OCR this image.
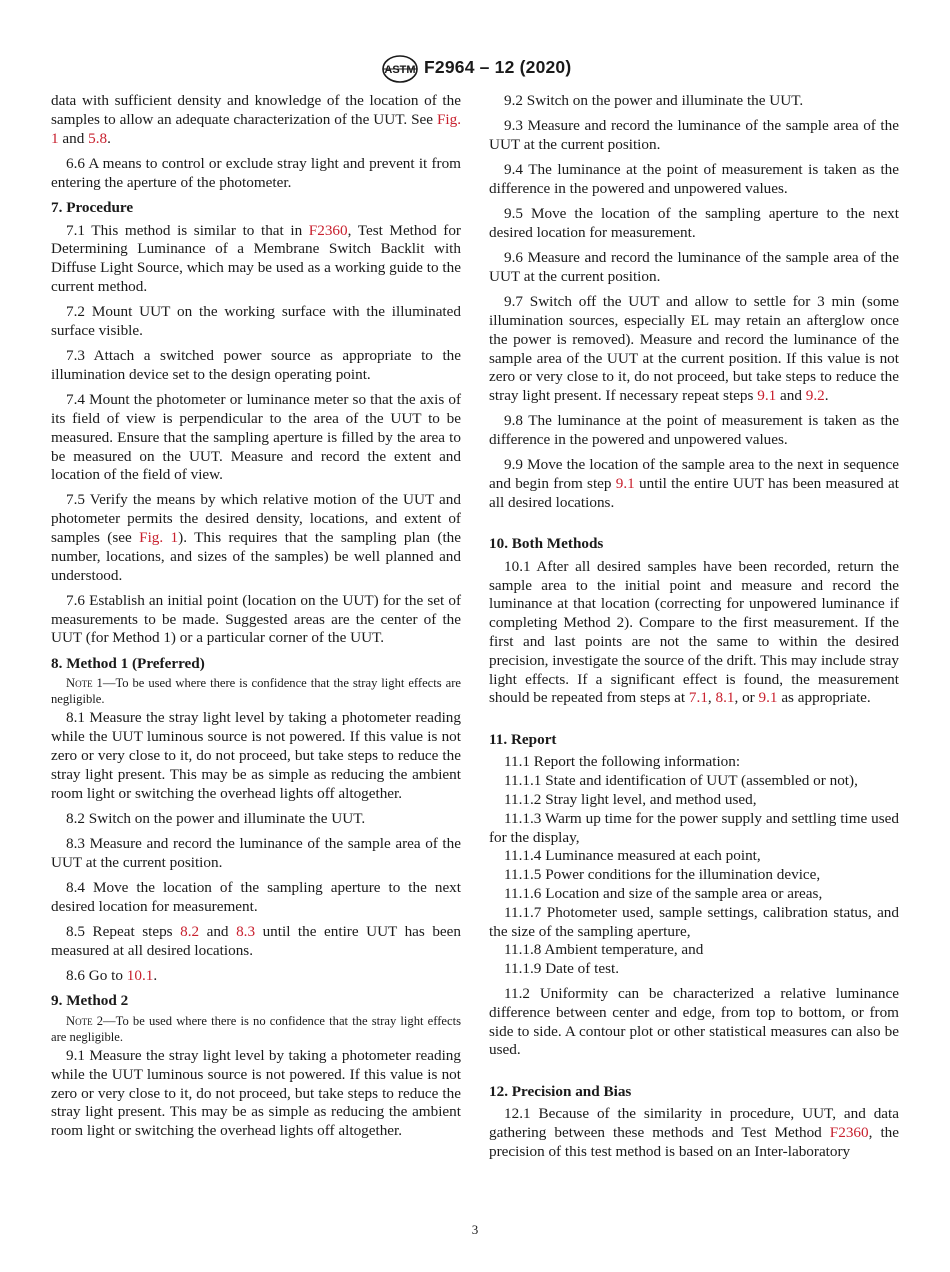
ASTM F2964 – 12 (2020)

data with sufficient density and knowledge of the location of the samples to allow an adequate characterization of the UUT. See Fig. 1 and 5.8.

6.6 A means to control or exclude stray light and prevent it from entering the aperture of the photometer.

7. Procedure

7.1 This method is similar to that in F2360, Test Method for Determining Luminance of a Membrane Switch Backlit with Diffuse Light Source, which may be used as a working guide to the current method.

7.2 Mount UUT on the working surface with the illuminated surface visible.

7.3 Attach a switched power source as appropriate to the illumination device set to the design operating point.

7.4 Mount the photometer or luminance meter so that the axis of its field of view is perpendicular to the area of the UUT to be measured. Ensure that the sampling aperture is filled by the area to be measured on the UUT. Measure and record the extent and location of the field of view.

7.5 Verify the means by which relative motion of the UUT and photometer permits the desired density, locations, and extent of samples (see Fig. 1). This requires that the sampling plan (the number, locations, and sizes of the samples) be well planned and understood.

7.6 Establish an initial point (location on the UUT) for the set of measurements to be made. Suggested areas are the center of the UUT (for Method 1) or a particular corner of the UUT.

8. Method 1 (Preferred)

Note 1—To be used where there is confidence that the stray light effects are negligible.

8.1 Measure the stray light level by taking a photometer reading while the UUT luminous source is not powered. If this value is not zero or very close to it, do not proceed, but take steps to reduce the stray light present. This may be as simple as reducing the ambient room light or switching the overhead lights off altogether.

8.2 Switch on the power and illuminate the UUT.

8.3 Measure and record the luminance of the sample area of the UUT at the current position.

8.4 Move the location of the sampling aperture to the next desired location for measurement.

8.5 Repeat steps 8.2 and 8.3 until the entire UUT has been measured at all desired locations.

8.6 Go to 10.1.

9. Method 2

Note 2—To be used where there is no confidence that the stray light effects are negligible.

9.1 Measure the stray light level by taking a photometer reading while the UUT luminous source is not powered. If this value is not zero or very close to it, do not proceed, but take steps to reduce the stray light present. This may be as simple as reducing the ambient room light or switching the overhead lights off altogether.

9.2 Switch on the power and illuminate the UUT.

9.3 Measure and record the luminance of the sample area of the UUT at the current position.

9.4 The luminance at the point of measurement is taken as the difference in the powered and unpowered values.

9.5 Move the location of the sampling aperture to the next desired location for measurement.

9.6 Measure and record the luminance of the sample area of the UUT at the current position.

9.7 Switch off the UUT and allow to settle for 3 min (some illumination sources, especially EL may retain an afterglow once the power is removed). Measure and record the luminance of the sample area of the UUT at the current position. If this value is not zero or very close to it, do not proceed, but take steps to reduce the stray light present. If necessary repeat steps 9.1 and 9.2.

9.8 The luminance at the point of measurement is taken as the difference in the powered and unpowered values.

9.9 Move the location of the sample area to the next in sequence and begin from step 9.1 until the entire UUT has been measured at all desired locations.

10. Both Methods

10.1 After all desired samples have been recorded, return the sample area to the initial point and measure and record the luminance at that location (correcting for unpowered luminance if completing Method 2). Compare to the first measurement. If the first and last points are not the same to within the desired precision, investigate the source of the drift. This may include stray light effects. If a significant effect is found, the measurement should be repeated from steps at 7.1, 8.1, or 9.1 as appropriate.

11. Report

11.1 Report the following information:

11.1.1 State and identification of UUT (assembled or not),

11.1.2 Stray light level, and method used,

11.1.3 Warm up time for the power supply and settling time used for the display,

11.1.4 Luminance measured at each point,

11.1.5 Power conditions for the illumination device,

11.1.6 Location and size of the sample area or areas,

11.1.7 Photometer used, sample settings, calibration status, and the size of the sampling aperture,

11.1.8 Ambient temperature, and

11.1.9 Date of test.

11.2 Uniformity can be characterized a relative luminance difference between center and edge, from top to bottom, or from side to side. A contour plot or other statistical measures can also be used.

12. Precision and Bias

12.1 Because of the similarity in procedure, UUT, and data gathering between these methods and Test Method F2360, the precision of this test method is based on an Inter-laboratory

3
